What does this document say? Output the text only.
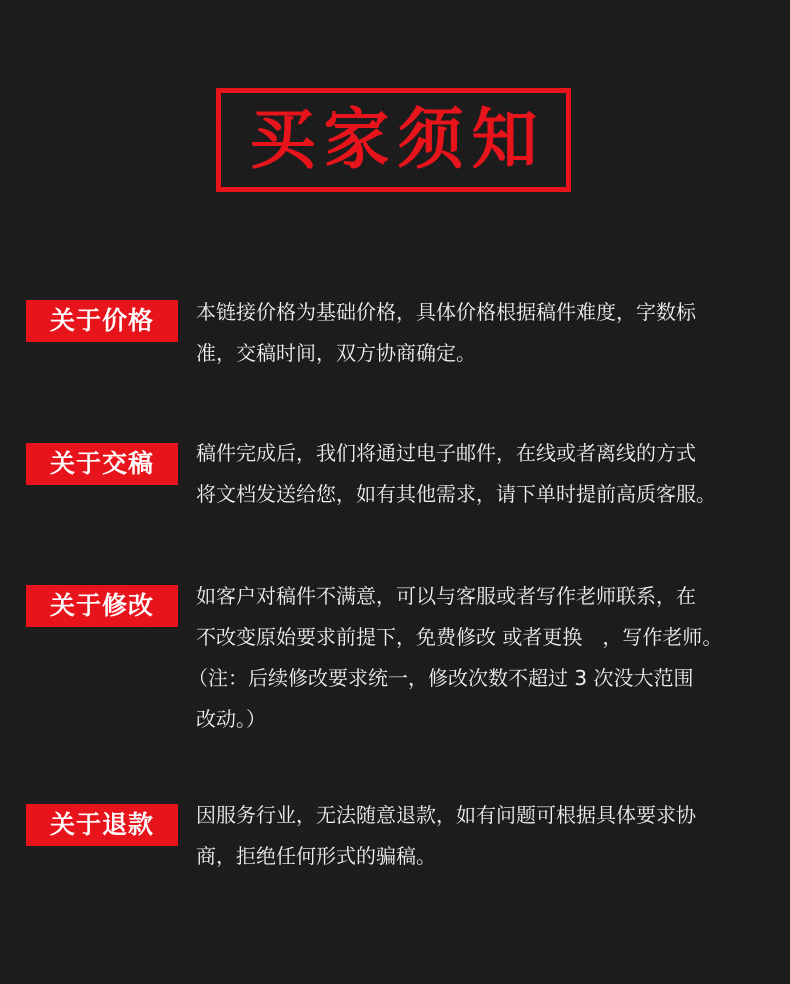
买家须知
关于价格	本链接价格为基础价格，具体价格根据稿件难度，字数标

准，交稿时间，双方协商确定。

关于交稿	稿件完成后，我们将通过电子邮件，在线或者离线的方式

将文档发送给您，如有其他需求，请下单时提前高质客服。

关于修改	如客户对稿件不满意，可以与客服或者写作老师联系，在

不改变原始要求前提下，免费修改 或者更换　，写作老师。

（注：后续修改要求统一，修改次数不超过 3 次没大范围

改动。）

关于退款	因服务行业，无法随意退款，如有问题可根据具体要求协

商，拒绝任何形式的骗稿。
